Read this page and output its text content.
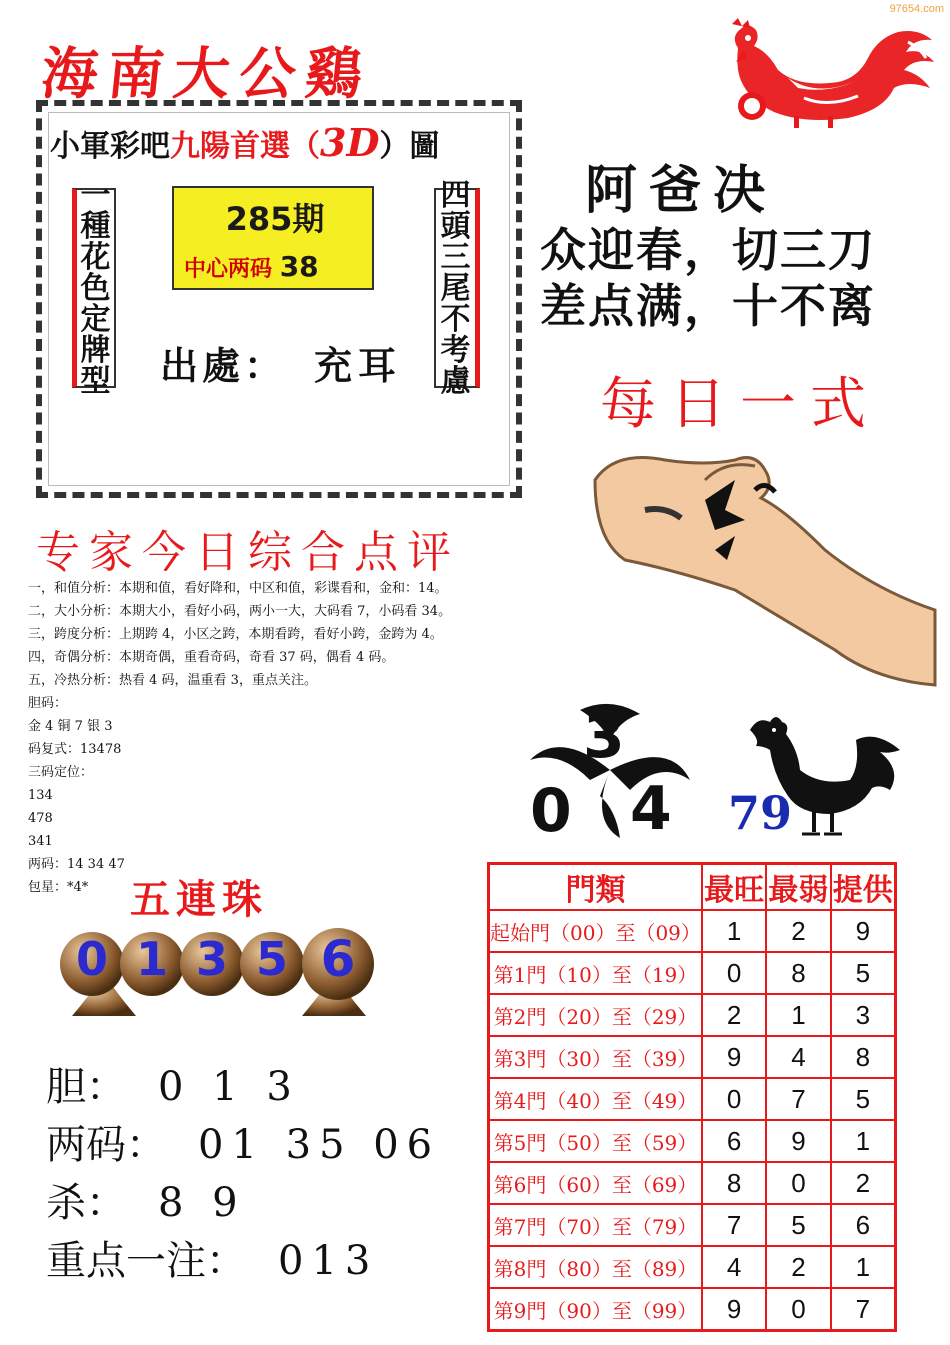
97654.com
海南大公鷄
小軍彩吧九陽首選（3D）圖
一
種
花
色
定
牌
型
四
頭
三
尾
不
考
慮
285期
中心两码 38
出處： 充耳
阿爸决
众迎春，切三刀
差点满，十不离
每日一式
3
0 4 79
专家今日综合点评
一，和值分析：本期和值，看好降和，中区和值，彩谍看和，金和：14。
二，大小分析：本期大小，看好小码，两小一大，大码看 7，小码看 34。
三，跨度分析：上期跨 4，小区之跨，本期看跨，看好小跨，金跨为 4。
四，奇偶分析：本期奇偶，重看奇码，奇看 37 码，偶看 4 码。
五，冷热分析：热看 4 码，温重看 3，重点关注。
胆码：
金 4 铜 7 银 3
码复式：13478
三码定位：
134
478
341
两码：14 34 47
包星：*4*	五連珠
0 1 3 5 6
胆： 0 1 3
两码： 01 35 06
杀： 8 9
重点一注： 013
門類	最旺	最弱	提供
起始門（00）至（09）	1	2	9
第1門（10）至（19）	0	8	5
第2門（20）至（29）	2	1	3
第3門（30）至（39）	9	4	8
第4門（40）至（49）	0	7	5
第5門（50）至（59）	6	9	1
第6門（60）至（69）	8	0	2
第7門（70）至（79）	7	5	6
第8門（80）至（89）	4	2	1
第9門（90）至（99）	9	0	7
